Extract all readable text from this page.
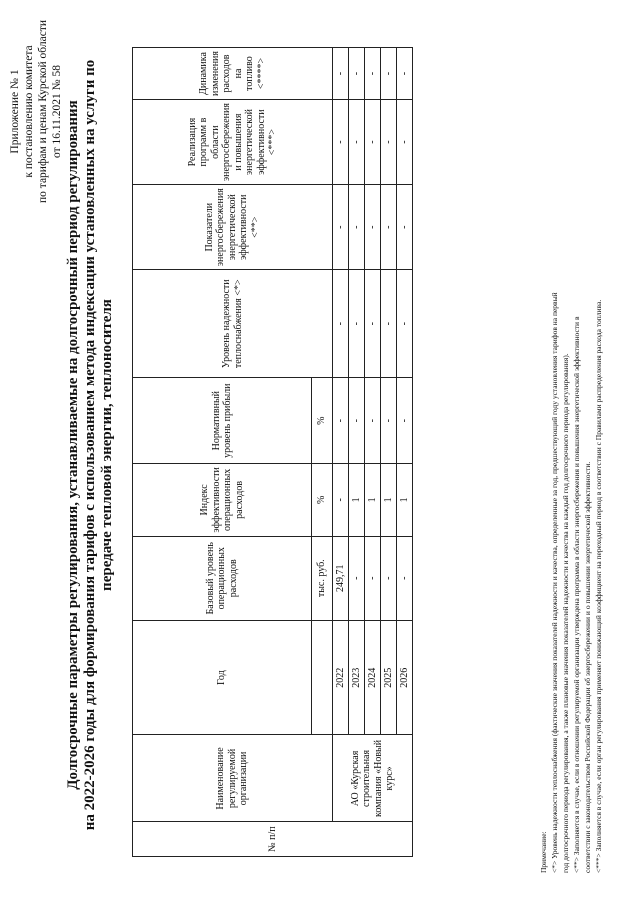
Приложение № 1 к постановлению комитета по тарифам и ценам Курской области от 16.11.2021 № 58 Долгосрочные параметры регулирования, устанавливаемые на долгосрочный период регулирования на 2022-2026 годы для формирования тарифов с использованием метода индексации установленных на услуги по передаче тепловой энергии, теплоносителя
№ п/п	Наименование регулируемой организации	Год	Базовый уровень операционных расходов	Индекс эффективности операционных расходов	Нормативный уровень прибыли	Уровень надежности теплоснабжения <*>	Показатели энергосбережения энергетической эффективности <**>	Реализация программ в области энергосбережения и повышения энергетической эффективности <***>	Динамика изменения расходов на топливо <****>
			тыс. руб.	%	%				
	АО «Курская строительная компания «Новый курс»	2022	249,71	-	-	-	-	-	-
		2023	-	1	-	-	-	-	-
		2024	-	1	-	-	-	-	-
		2025	-	1	-	-	-	-	-
		2026	-	1	-	-	-	-	-
Примечание: <*> Уровень надежности теплоснабжения (фактические значения показателей надежности и качества, определенные за год, предшествующий году установления тарифов на первый год долгосрочного периода регулирования, а также плановые значения показателей надежности и качества на каждый год долгосрочного периода регулирования). <**> Заполняется в случае, если в отношении регулируемой организации утверждена программа в области энергосбережения и повышения энергетической эффективности в соответствии с законодательством Российской Федерации об энергосбережении и о повышении энергетической эффективности. <***> Заполняется в случае, если орган регулирования применяет понижающий коэффициент на переходный период в соответствии с Правилами распределения расхода топлива.
